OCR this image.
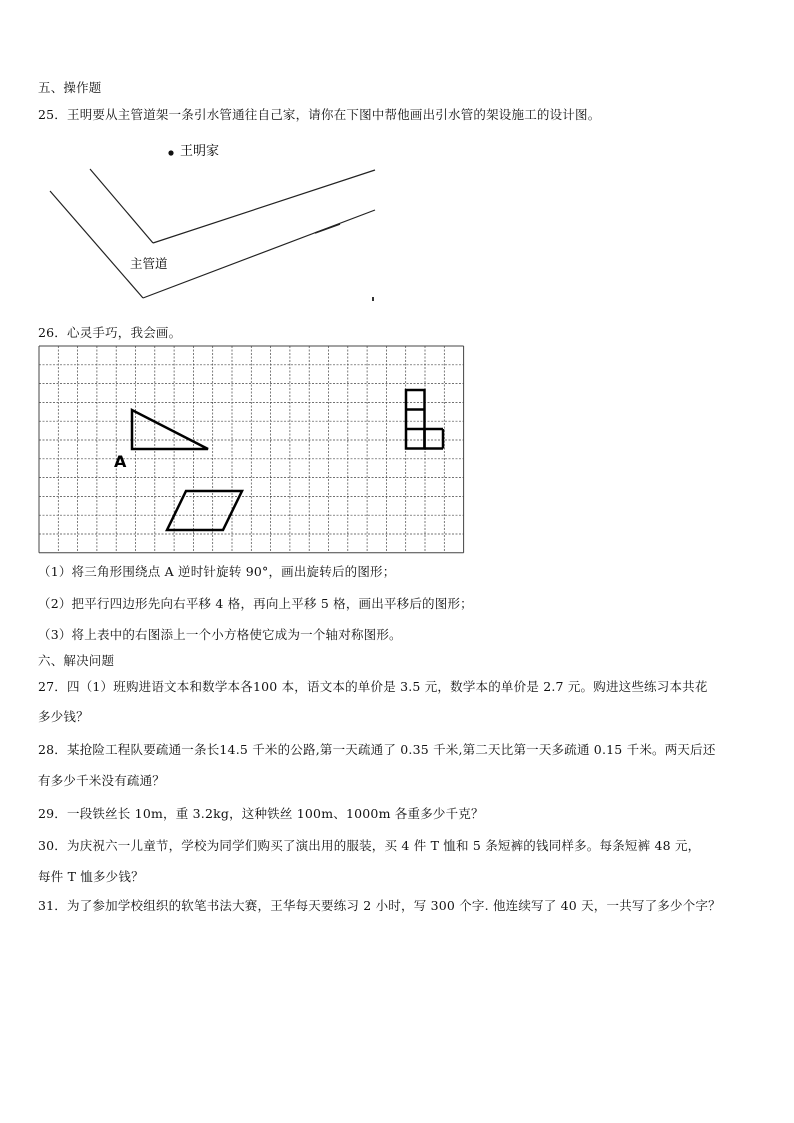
五、操作题
25．王明要从主管道架一条引水管通往自己家，请你在下图中帮他画出引水管的架设施工的设计图。
王明家
主管道
26．心灵手巧，我会画。
A
（1）将三角形围绕点 A 逆时针旋转 90°，画出旋转后的图形；
（2）把平行四边形先向右平移 4 格，再向上平移 5 格，画出平移后的图形；
（3）将上表中的右图添上一个小方格使它成为一个轴对称图形。
六、解决问题
27．四（1）班购进语文本和数学本各100 本，语文本的单价是 3.5 元，数学本的单价是 2.7 元。购进这些练习本共花
多少钱？
28．某抢险工程队要疏通一条长14.5 千米的公路,第一天疏通了 0.35 千米,第二天比第一天多疏通 0.15 千米。两天后还
有多少千米没有疏通？
29．一段铁丝长 10m，重 3.2kg，这种铁丝 100m、1000m 各重多少千克？
30．为庆祝六一儿童节，学校为同学们购买了演出用的服装，买 4 件 T 恤和 5 条短裤的钱同样多。每条短裤 48 元，
每件 T 恤多少钱？
31．为了参加学校组织的软笔书法大赛，王华每天要练习 2 小时，写 300 个字. 他连续写了 40 天，一共写了多少个字？
